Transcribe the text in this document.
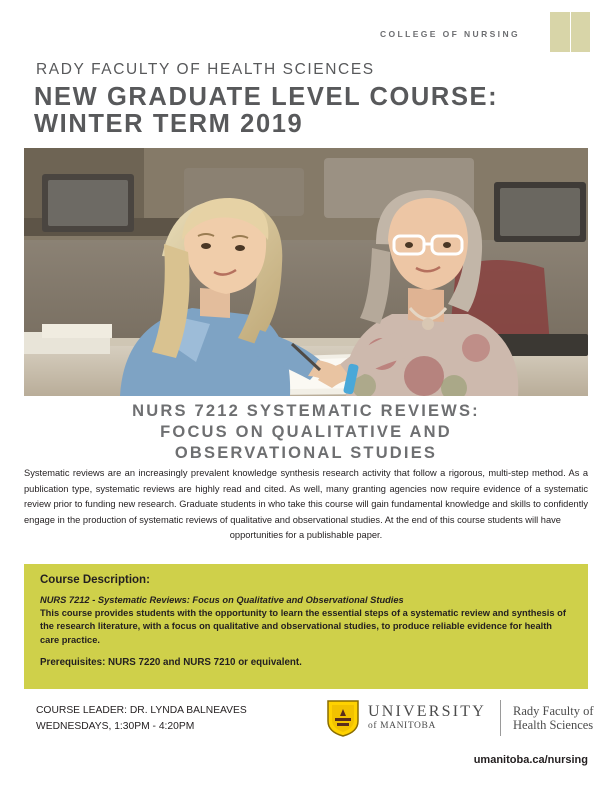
COLLEGE OF NURSING
RADY FACULTY OF HEALTH SCIENCES
NEW GRADUATE LEVEL COURSE:
WINTER TERM 2019
NURS 7212 SYSTEMATIC REVIEWS:
FOCUS ON QUALITATIVE AND
OBSERVATIONAL STUDIES
Systematic reviews are an increasingly prevalent knowledge synthesis research activity that follow a rigorous, multi-step method. As a publication type, systematic reviews are highly read and cited. As well, many granting agencies now require evidence of a systematic review prior to funding new research. Graduate students in who take this course will gain fundamental knowledge and skills to confidently engage in the production of systematic reviews of qualitative and observational studies. At the end of this course students will have
opportunities for a publishable paper.
Course Description:
NURS 7212 - Systematic Reviews: Focus on Qualitative and Observational Studies
This course provides students with the opportunity to learn the essential steps of a systematic review and synthesis of the research literature, with a focus on qualitative and observational studies, to produce reliable evidence for health care practice.
Prerequisites: NURS 7220 and NURS 7210 or equivalent.
COURSE LEADER: DR. LYNDA BALNEAVES
WEDNESDAYS, 1:30PM - 4:20PM
UNIVERSITY
of MANITOBA
Rady Faculty of
Health Sciences
umanitoba.ca/nursing
